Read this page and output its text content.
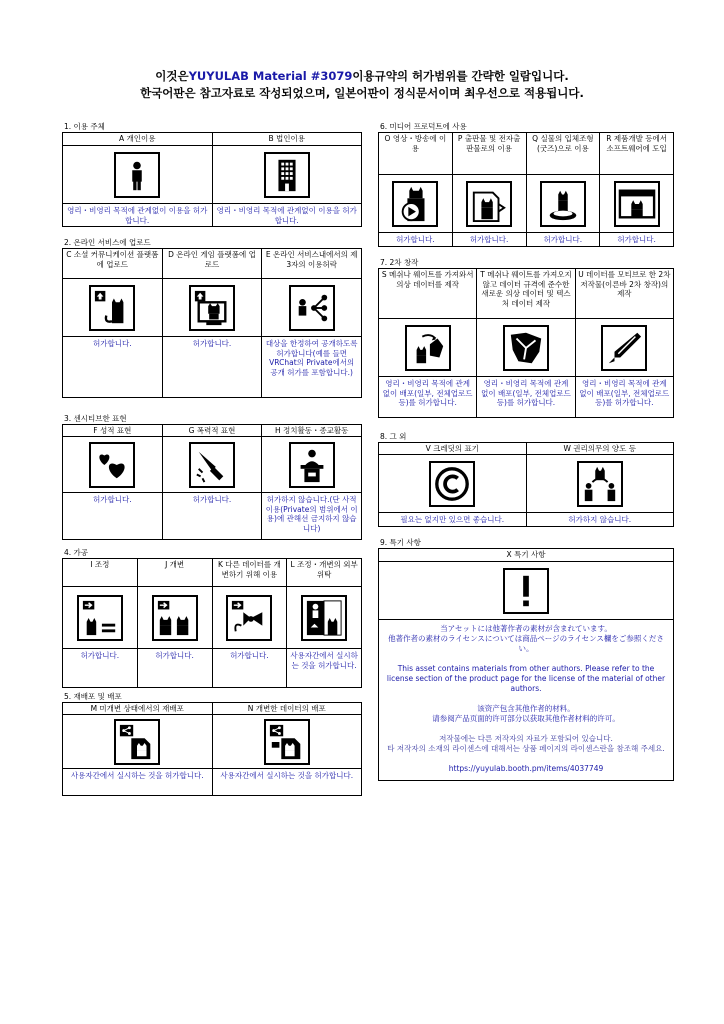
이것은YUYULAB Material #3079이용규약의 허가범위를 간략한 일람입니다.
한국어판은 참고자료로 작성되었으며, 일본어판이 정식문서이며 최우선으로 적용됩니다.
1. 이용 주체
A 개인이용
영리・비영리 목적에 관계없이 이용을 허가합니다.
B 법인이용
영리・비영리 목적에 관계없이 이용을 허가합니다.
2. 온라인 서비스에 업로드
C 소셜 커뮤니케이션 플랫폼에 업로드
허가합니다.
D 온라인 게임 플랫폼에 업로드
허가합니다.
E 온라인 서비스내에서의 제 3자의 이용허락
대상을 한정하여 공개하도록 허가합니다(예를 들면 VRChat의 Private에서의 공개 허가를 포함합니다.)
3. 센시티브한 표현
F 성적 표현
허가합니다.
G 폭력적 표현
허가합니다.
H 정치활동・종교활동
허가하지 않습니다.(단 사적이용(Private의 범위에서 이용)에 관해선 금지하지 않습니다)
4. 가공
I 조정
허가합니다.
J 개변
허가합니다.
K 다른 데이터를 개변하기 위해 이용
허가합니다.
L 조정・개변의 외부위탁
사용자간에서 실시하는 것을 허가합니다.
5. 재배포 및 배포
M 미개변 상태에서의 재배포
사용자간에서 실시하는 것을 허가합니다.
N 개변한 데이터의 배포
사용자간에서 실시하는 것을 허가합니다.
6. 미디어 프로덕트에 사용
O 영상・방송에 이용
허가합니다.
P 출판물 및 전자출판물로의 이용
허가합니다.
Q 실물의 입체조형(굿즈)으로 이용
허가합니다.
R 제품개발 등에서 소프트웨어에 도입
허가합니다.
7. 2차 창작
S 메쉬나 웨이트를 가져와서 의상 데이터를 제작
영리・비영리 목적에 관계없이 배포(일부, 전체업로드 등)를 허가합니다.
T 메쉬나 웨이트를 가져오지 않고 데이터 규격에 준수한 새로운 의상 데이터 및 텍스처 데이터 제작
영리・비영리 목적에 관계없이 배포(일부, 전체업로드 등)를 허가합니다.
U 데이터를 모티브로 한 2차 저작물(이른바 2차 창작)의 제작
영리・비영리 목적에 관계없이 배포(일부, 전체업로드 등)를 허가합니다.
8. 그 외
V 크레딧의 표기
필요는 없지만 있으면 좋습니다.
W 권리의무의 양도 등
허가하지 않습니다.
9. 특기 사항
X 특기 사항
当アセットには他著作者の素材が含まれています。
他著作者の素材のライセンスについては商品ページのライセンス欄をご参照ください。
This asset contains materials from other authors. Please refer to the license section of the product page for the license of the material of other authors.
该资产包含其他作者的材料。
请参阅产品页面的许可部分以获取其他作者材料的许可。
저작물에는 다른 저작자의 자료가 포함되어 있습니다.
타 저작자의 소재의 라이센스에 대해서는 상품 페이지의 라이센스란을 참조해 주세요.
https://yuyulab.booth.pm/items/4037749
